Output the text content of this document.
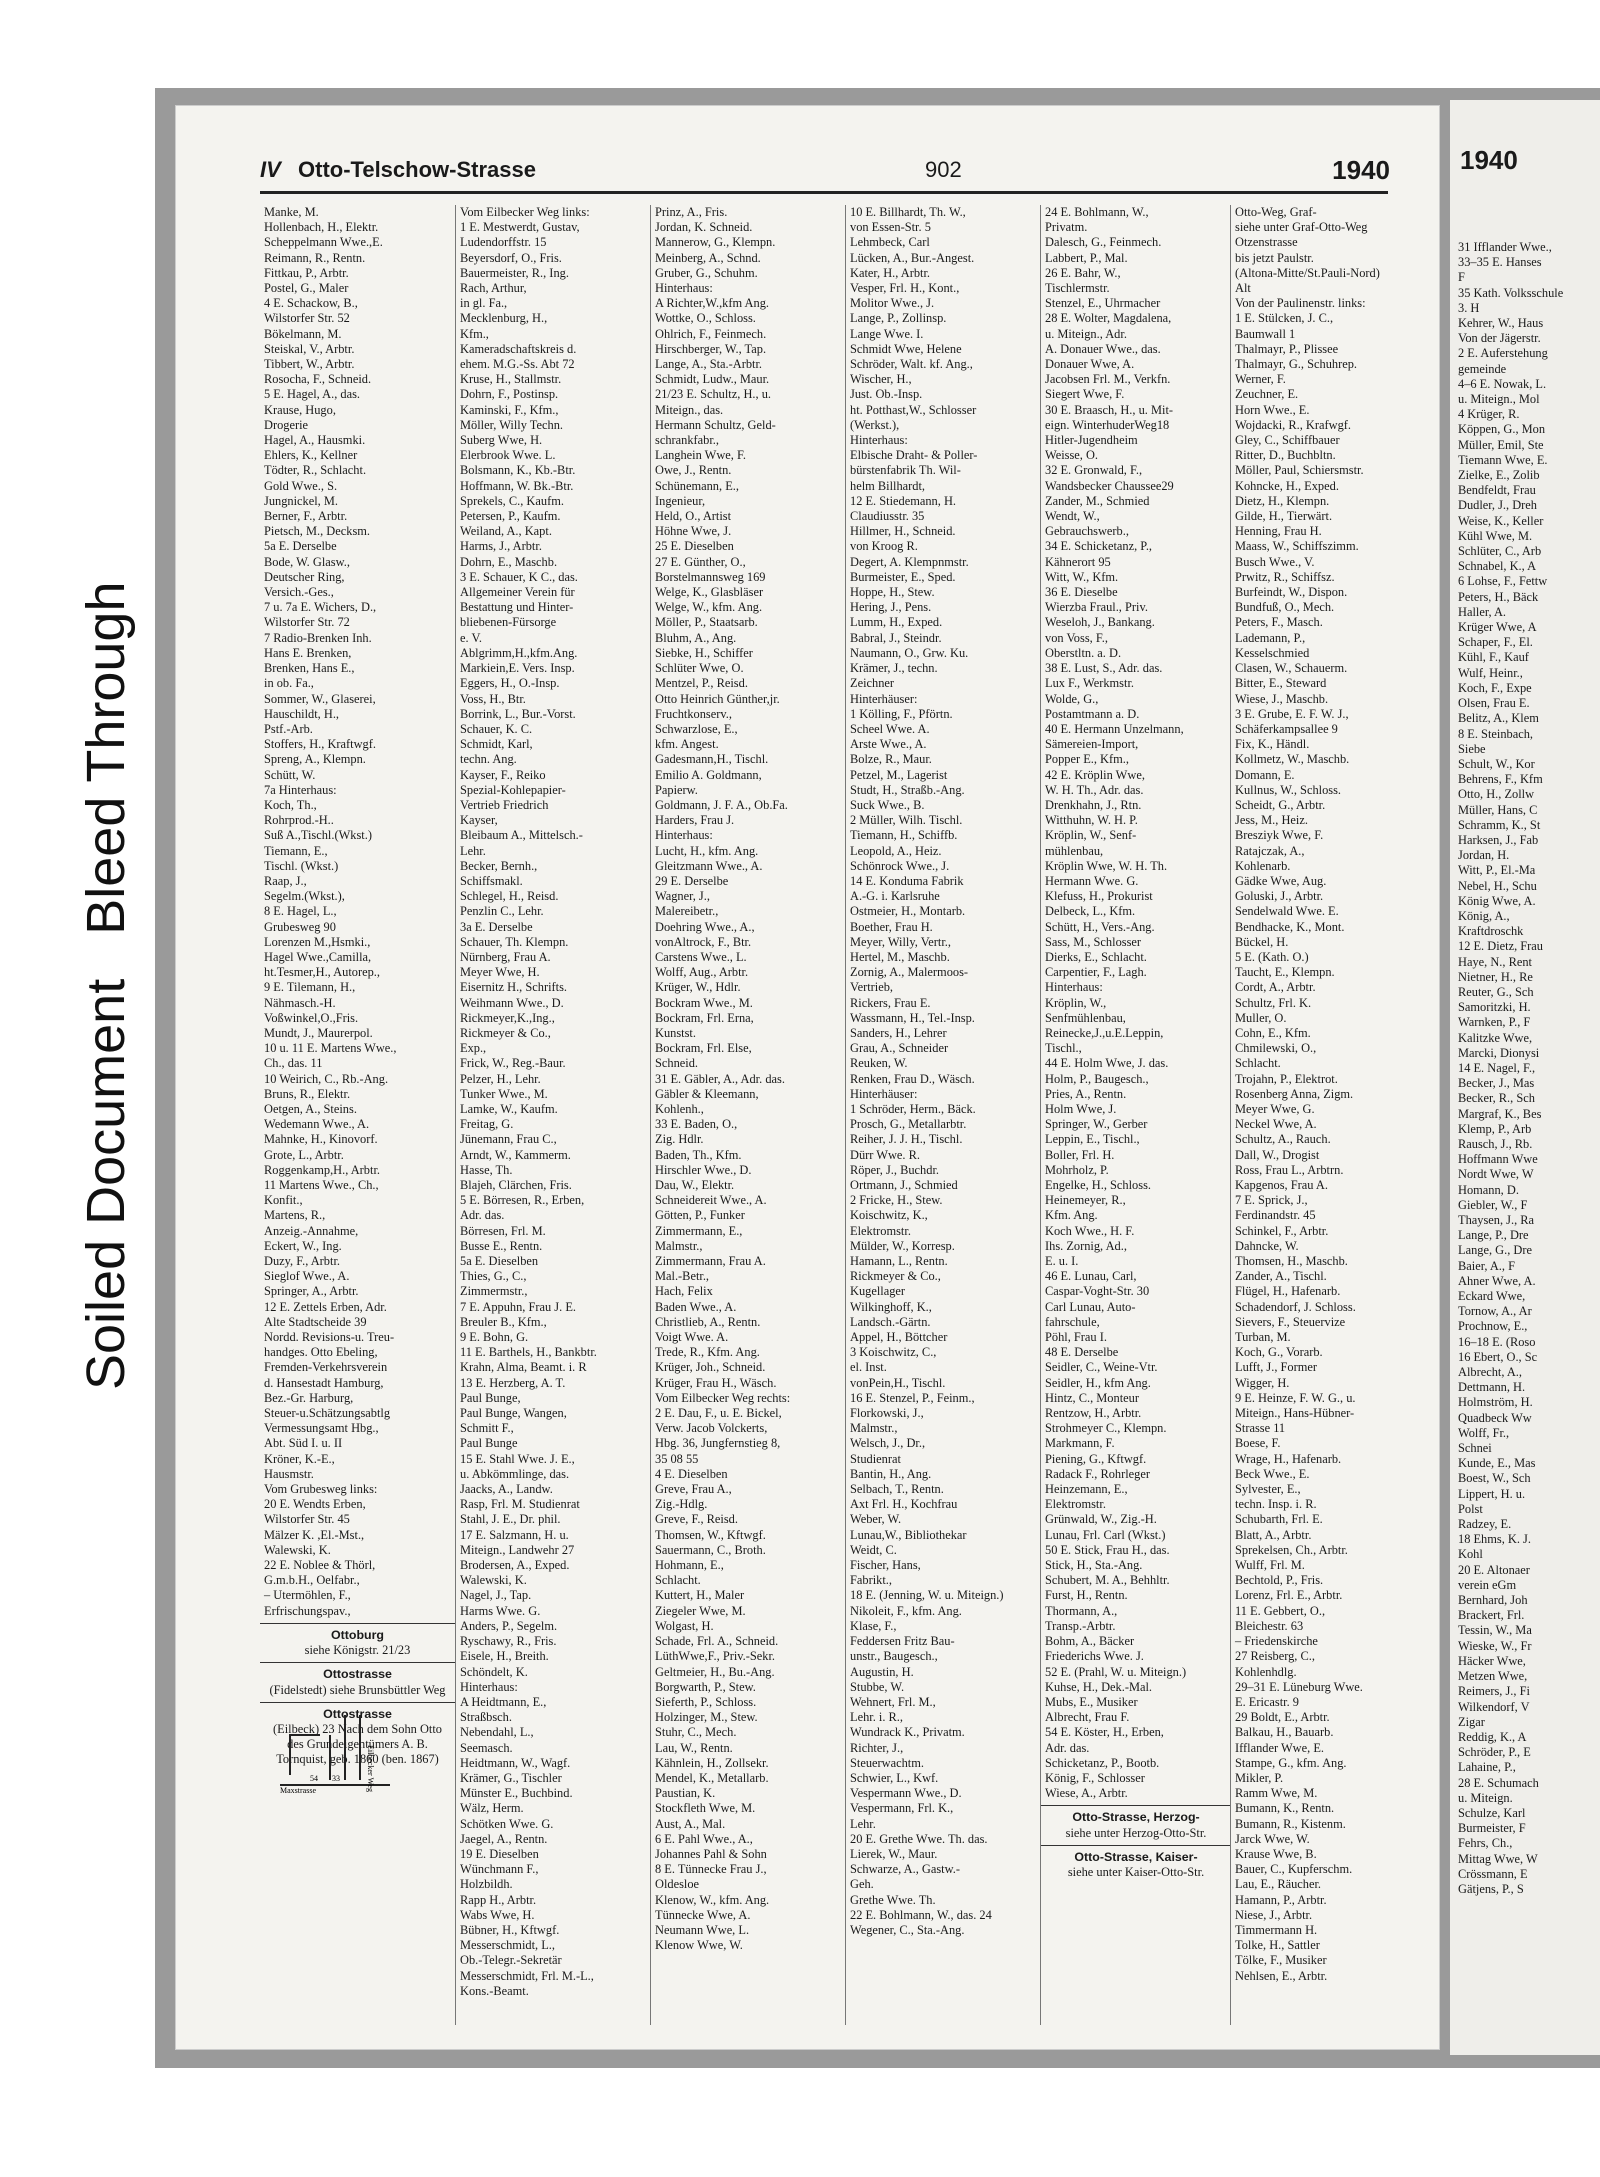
Soiled DocumentBleed Through
IV Otto-Telschow-Strasse	902	1940
Manke, M.
Hollenbach, H., Elektr.
Scheppelmann Wwe.,E.
Reimann, R., Rentn.
Fittkau, P., Arbtr.
Postel, G., Maler
4 E. Schackow, B.,
Wilstorfer Str. 52
Bökelmann, M.
Steiskal, V., Arbtr.
Tibbert, W., Arbtr.
Rosocha, F., Schneid.
5 E. Hagel, A., das.
Krause, Hugo,
Drogerie
Hagel, A., Hausmki.
Ehlers, K., Kellner
Tödter, R., Schlacht.
Gold Wwe., S.
Jungnickel, M.
Berner, F., Arbtr.
Pietsch, M., Decksm.
5a E. Derselbe
Bode, W. Glasw.,
Deutscher Ring,
Versich.-Ges.,
7 u. 7a E. Wichers, D.,
Wilstorfer Str. 72
7 Radio-Brenken Inh.
Hans E. Brenken,
Brenken, Hans E.,
in ob. Fa.,
Sommer, W., Glaserei,
Hauschildt, H.,
Pstf.-Arb.
Stoffers, H., Kraftwgf.
Spreng, A., Klempn.
Schütt, W.
7a Hinterhaus:
Koch, Th.,
Rohrprod.-H..
Suß A.,Tischl.(Wkst.)
Tiemann, E.,
Tischl. (Wkst.)
Raap, J.,
Segelm.(Wkst.),
8 E. Hagel, L.,
Grubesweg 90
Lorenzen M.,Hsmki.,
Hagel Wwe.,Camilla,
ht.Tesmer,H., Autorep.,
9 E. Tilemann, H.,
Nähmasch.-H.
Voßwinkel,O.,Fris.
Mundt, J., Maurerpol.
10 u. 11 E. Martens Wwe.,
Ch., das. 11
10 Weirich, C., Rb.-Ang.
Bruns, R., Elektr.
Oetgen, A., Steins.
Wedemann Wwe., A.
Mahnke, H., Kinovorf.
Grote, L., Arbtr.
Roggenkamp,H., Arbtr.
11 Martens Wwe., Ch.,
Konfit.,
Martens, R.,
Anzeig.-Annahme,
Eckert, W., Ing.
Duzy, F., Arbtr.
Sieglof Wwe., A.
Springer, A., Arbtr.
12 E. Zettels Erben, Adr.
Alte Stadtscheide 39
Nordd. Revisions-u. Treu-
handges. Otto Ebeling,
Fremden-Verkehrsverein
d. Hansestadt Hamburg,
Bez.-Gr. Harburg,
Steuer-u.Schätzungsabtlg
Vermessungsamt Hbg.,
Abt. Süd I. u. II
Kröner, K.-E.,
Hausmstr.
Vom Grubesweg links:
20 E. Wendts Erben,
Wilstorfer Str. 45
Mälzer K. ,El.-Mst.,
Walewski, K.
22 E. Noblee & Thörl,
G.m.b.H., Oelfabr.,
– Utermöhlen, F.,
Erfrischungspav.,
Ottoburg
siehe Königstr. 21/23
Ottostrasse
(Fidelstedt) siehe Brunsbüttler Weg
Ottostrasse
(Eilbeck) 23 Nach dem Sohn Otto des Grundeigentümers A. B. Tornquist, geb. 1860 (ben. 1867)
Vom Eilbecker Weg links:
1 E. Mestwerdt, Gustav,
Ludendorffstr. 15
Beyersdorf, O., Fris.
Bauermeister, R., Ing.
Rach, Arthur,
in gl. Fa.,
Mecklenburg, H.,
Kfm.,
Kameradschaftskreis d.
ehem. M.G.-Ss. Abt 72
Kruse, H., Stallmstr.
Dohrn, F., Postinsp.
Kaminski, F., Kfm.,
Möller, Willy Techn.
Suberg Wwe, H.
Elerbrook Wwe. L.
Bolsmann, K., Kb.-Btr.
Hoffmann, W. Bk.-Btr.
Sprekels, C., Kaufm.
Petersen, P., Kaufm.
Weiland, A., Kapt.
Harms, J., Arbtr.
Dohrn, E., Maschb.
3 E. Schauer, K C., das.
Allgemeiner Verein für
Bestattung und Hinter-
bliebenen-Fürsorge
e. V.
Ablgrimm,H.,kfm.Ang.
Markiein,E. Vers. Insp.
Eggers, H., O.-Insp.
Voss, H., Btr.
Borrink, L., Bur.-Vorst.
Schauer, K. C.
Schmidt, Karl,
techn. Ang.
Kayser, F., Reiko
Spezial-Kohlepapier-
Vertrieb Friedrich
Kayser,
Bleibaum A., Mittelsch.-
Lehr.
Becker, Bernh.,
Schiffsmakl.
Schlegel, H., Reisd.
Penzlin C., Lehr.
3a E. Derselbe
Schauer, Th. Klempn.
Nürnberg, Frau A.
Meyer Wwe, H.
Eisernitz H., Schrifts.
Weihmann Wwe., D.
Rickmeyer,K.,Ing.,
Rickmeyer & Co.,
Exp.,
Frick, W., Reg.-Baur.
Pelzer, H., Lehr.
Tunker Wwe., M.
Lamke, W., Kaufm.
Freitag, G.
Jünemann, Frau C.,
Arndt, W., Kammerm.
Hasse, Th.
Blajeh, Clärchen, Fris.
5 E. Börresen, R., Erben,
Adr. das.
Börresen, Frl. M.
Busse E., Rentn.
5a E. Dieselben
Thies, G., C.,
Zimmermstr.,
7 E. Appuhn, Frau J. E.
Breuler B., Kfm.,
9 E. Bohn, G.
11 E. Barthels, H., Bankbtr.
Krahn, Alma, Beamt. i. R
13 E. Herzberg, A. T.
Paul Bunge,
Paul Bunge, Wangen,
Schmitt F.,
Paul Bunge
15 E. Stahl Wwe. J. E.,
u. Abkömmlinge, das.
Jaacks, A., Landw.
Rasp, Frl. M. Studienrat
Stahl, J. E., Dr. phil.
17 E. Salzmann, H. u.
Miteign., Landwehr 27
Brodersen, A., Exped.
Walewski, K.
Nagel, J., Tap.
Harms Wwe. G.
Anders, P., Segelm.
Ryschawy, R., Fris.
Eisele, H., Breith.
Schöndelt, K.
Hinterhaus:
A Heidtmann, E.,
Straßbsch.
Nebendahl, L.,
Seemasch.
Heidtmann, W., Wagf.
Krämer, G., Tischler
Münster E., Buchbind.
Wälz, Herm.
Schötken Wwe. G.
Jaegel, A., Rentn.
19 E. Dieselben
Wünchmann F.,
Holzbildh.
Rapp H., Arbtr.
Wabs Wwe, H.
Bübner, H., Kftwgf.
Messerschmidt, L.,
Ob.-Telegr.-Sekretär
Messerschmidt, Frl. M.-L.,
Kons.-Beamt.
Prinz, A., Fris.
Jordan, K. Schneid.
Mannerow, G., Klempn.
Meinberg, A., Schnd.
Gruber, G., Schuhm.
Hinterhaus:
A Richter,W.,kfm Ang.
Wottke, O., Schloss.
Ohlrich, F., Feinmech.
Hirschberger, W., Tap.
Lange, A., Sta.-Arbtr.
Schmidt, Ludw., Maur.
21/23 E. Schultz, H., u.
Miteign., das.
Hermann Schultz, Geld-
schrankfabr.,
Langhein Wwe, F.
Owe, J., Rentn.
Schünemann, E.,
Ingenieur,
Held, O., Artist
Höhne Wwe, J.
25 E. Dieselben
27 E. Günther, O.,
Borstelmannsweg 169
Welge, K., Glasbläser
Welge, W., kfm. Ang.
Möller, P., Staatsarb.
Bluhm, A., Ang.
Siebke, H., Schiffer
Schlüter Wwe, O.
Mentzel, P., Reisd.
Otto Heinrich Günther,jr.
Fruchtkonserv.,
Schwarzlose, E.,
kfm. Angest.
Gadesmann,H., Tischl.
Emilio A. Goldmann,
Papierw.
Goldmann, J. F. A., Ob.Fa.
Harders, Frau J.
Hinterhaus:
Lucht, H., kfm. Ang.
Gleitzmann Wwe., A.
29 E. Derselbe
Wagner, J.,
Malereibetr.,
Doehring Wwe., A.,
vonAltrock, F., Btr.
Carstens Wwe., L.
Wolff, Aug., Arbtr.
Krüger, W., Hdlr.
Bockram Wwe., M.
Bockram, Frl. Erna,
Kunstst.
Bockram, Frl. Else,
Schneid.
31 E. Gäbler, A., Adr. das.
Gäbler & Kleemann,
Kohlenh.,
33 E. Baden, O.,
Zig. Hdlr.
Baden, Th., Kfm.
Hirschler Wwe., D.
Dau, W., Elektr.
Schneidereit Wwe., A.
Götten, P., Funker
Zimmermann, E.,
Malmstr.,
Zimmermann, Frau A.
Mal.-Betr.,
Hach, Felix
Baden Wwe., A.
Christlieb, A., Rentn.
Voigt Wwe. A.
Trede, R., Kfm. Ang.
Krüger, Joh., Schneid.
Krüger, Frau H., Wäsch.
Vom Eilbecker Weg rechts:
2 E. Dau, F., u. E. Bickel,
Verw. Jacob Volckerts,
Hbg. 36, Jungfernstieg 8,
35 08 55
4 E. Dieselben
Greve, Frau A.,
Zig.-Hdlg.
Greve, F., Reisd.
Thomsen, W., Kftwgf.
Sauermann, C., Broth.
Hohmann, E.,
Schlacht.
Kuttert, H., Maler
Ziegeler Wwe, M.
Wolgast, H.
Schade, Frl. A., Schneid.
LüthWwe,F., Priv.-Sekr.
Geltmeier, H., Bu.-Ang.
Borgwarth, P., Stew.
Sieferth, P., Schloss.
Holzinger, M., Stew.
Stuhr, C., Mech.
Lau, W., Rentn.
Kähnlein, H., Zollsekr.
Mendel, K., Metallarb.
Paustian, K.
Stockfleth Wwe, M.
Aust, A., Mal.
6 E. Pahl Wwe., A.,
Johannes Pahl & Sohn
8 E. Tünnecke Frau J.,
Oldesloe
Klenow, W., kfm. Ang.
Tünnecke Wwe, A.
Neumann Wwe, L.
Klenow Wwe, W.
10 E. Billhardt, Th. W.,
von Essen-Str. 5
Lehmbeck, Carl
Lücken, A., Bur.-Angest.
Kater, H., Arbtr.
Vesper, Frl. H., Kont.,
Molitor Wwe., J.
Lange, P., Zollinsp.
Lange Wwe. I.
Schmidt Wwe, Helene
Schröder, Walt. kf. Ang.,
Wischer, H.,
Just. Ob.-Insp.
ht. Potthast,W., Schlosser
(Werkst.),
Hinterhaus:
Elbische Draht- & Poller-
bürstenfabrik Th. Wil-
helm Billhardt,
12 E. Stiedemann, H.
Claudiusstr. 35
Hillmer, H., Schneid.
von Kroog R.
Degert, A. Klempnmstr.
Burmeister, E., Sped.
Hoppe, H., Stew.
Hering, J., Pens.
Lumm, H., Exped.
Babral, J., Steindr.
Naumann, O., Grw. Ku.
Krämer, J., techn.
Zeichner
Hinterhäuser:
1 Kölling, F., Pförtn.
Scheel Wwe. A.
Arste Wwe., A.
Bolze, R., Maur.
Petzel, M., Lagerist
Studt, H., Straßb.-Ang.
Suck Wwe., B.
2 Müller, Wilh. Tischl.
Tiemann, H., Schiffb.
Leopold, A., Heiz.
Schönrock Wwe., J.
14 E. Konduma Fabrik
A.-G. i. Karlsruhe
Ostmeier, H., Montarb.
Boether, Frau H.
Meyer, Willy, Vertr.,
Hertel, M., Maschb.
Zornig, A., Malermoos-
Vertrieb,
Rickers, Frau E.
Wassmann, H., Tel.-Insp.
Sanders, H., Lehrer
Grau, A., Schneider
Reuken, W.
Renken, Frau D., Wäsch.
Hinterhäuser:
1 Schröder, Herm., Bäck.
Prosch, G., Metallarbtr.
Reiher, J. J. H., Tischl.
Dürr Wwe. R.
Röper, J., Buchdr.
Ortmann, J., Schmied
2 Fricke, H., Stew.
Koischwitz, K.,
Elektromstr.
Mülder, W., Korresp.
Hamann, L., Rentn.
Rickmeyer & Co.,
Kugellager
Wilkinghoff, K.,
Landsch.-Gärtn.
Appel, H., Böttcher
3 Koischwitz, C.,
el. Inst.
vonPein,H., Tischl.
16 E. Stenzel, P., Feinm.,
Florkowski, J.,
Malmstr.,
Welsch, J., Dr.,
Studienrat
Bantin, H., Ang.
Selbach, T., Rentn.
Axt Frl. H., Kochfrau
Weber, W.
Lunau,W., Bibliothekar
Weidt, C.
Fischer, Hans,
Fabrikt.,
18 E. (Jenning, W. u. Miteign.)
Nikoleit, F., kfm. Ang.
Klase, F.,
Feddersen Fritz Bau-
unstr., Baugesch.,
Augustin, H.
Stubbe, W.
Wehnert, Frl. M.,
Lehr. i. R.,
Wundrack K., Privatm.
Richter, J.,
Steuerwachtm.
Schwier, L., Kwf.
Vespermann Wwe., D.
Vespermann, Frl. K.,
Lehr.
20 E. Grethe Wwe. Th. das.
Lierek, W., Maur.
Schwarze, A., Gastw.-
Geh.
Grethe Wwe. Th.
22 E. Bohlmann, W., das. 24
Wegener, C., Sta.-Ang.
24 E. Bohlmann, W.,
Privatm.
Dalesch, G., Feinmech.
Labbert, P., Mal.
26 E. Bahr, W.,
Tischlermstr.
Stenzel, E., Uhrmacher
28 E. Wolter, Magdalena,
u. Miteign., Adr.
A. Donauer Wwe., das.
Donauer Wwe, A.
Jacobsen Frl. M., Verkfn.
Siegert Wwe, F.
30 E. Braasch, H., u. Mit-
eign. WinterhuderWeg18
Hitler-Jugendheim
Weisse, O.
32 E. Gronwald, F.,
Wandsbecker Chaussee29
Zander, M., Schmied
Wendt, W.,
Gebrauchswerb.,
34 E. Schicketanz, P.,
Kähnerort 95
Witt, W., Kfm.
36 E. Dieselbe
Wierzba Fraul., Priv.
Weseloh, J., Bankang.
von Voss, F.,
Oberstltn. a. D.
38 E. Lust, S., Adr. das.
Lux F., Werkmstr.
Wolde, G.,
Postamtmann a. D.
40 E. Hermann Unzelmann,
Sämereien-Import,
Popper E., Kfm.,
42 E. Kröplin Wwe,
W. H. Th., Adr. das.
Drenkhahn, J., Rtn.
Witthuhn, W. H. P.
Kröplin, W., Senf-
mühlenbau,
Kröplin Wwe, W. H. Th.
Hermann Wwe. G.
Klefuss, H., Prokurist
Delbeck, L., Kfm.
Schütt, H., Vers.-Ang.
Sass, M., Schlosser
Dierks, E., Schlacht.
Carpentier, F., Lagh.
Hinterhaus:
Kröplin, W.,
Senfmühlenbau,
Reinecke,J.,u.E.Leppin,
Tischl.,
44 E. Holm Wwe, J. das.
Holm, P., Baugesch.,
Pries, A., Rentn.
Holm Wwe, J.
Springer, W., Gerber
Leppin, E., Tischl.,
Boller, Frl. H.
Mohrholz, P.
Engelke, H., Schloss.
Heinemeyer, R.,
Kfm. Ang.
Koch Wwe., H. F.
Ihs. Zornig, Ad.,
E. u. I.
46 E. Lunau, Carl,
Caspar-Voght-Str. 30
Carl Lunau, Auto-
fahrschule,
Pöhl, Frau I.
48 E. Derselbe
Seidler, C., Weine-Vtr.
Seidler, H., kfm Ang.
Hintz, C., Monteur
Rentzow, H., Arbtr.
Strohmeyer C., Klempn.
Markmann, F.
Piening, G., Kftwgf.
Radack F., Rohrleger
Heinzemann, E.,
Elektromstr.
Grünwald, W., Zig.-H.
Lunau, Frl. Carl (Wkst.)
50 E. Stick, Frau H., das.
Stick, H., Sta.-Ang.
Schubert, M. A., Behhltr.
Furst, H., Rentn.
Thormann, A.,
Transp.-Arbtr.
Bohm, A., Bäcker
Friederichs Wwe. J.
52 E. (Prahl, W. u. Miteign.)
Kuhse, H., Dek.-Mal.
Mubs, E., Musiker
Albrecht, Frau F.
54 E. Köster, H., Erben,
Adr. das.
Schicketanz, P., Bootb.
König, F., Schlosser
Wiese, A., Arbtr.
Otto-Strasse, Herzog-
siehe unter Herzog-Otto-Str.
Otto-Strasse, Kaiser-
siehe unter Kaiser-Otto-Str.
Otto-Weg, Graf-
siehe unter Graf-Otto-Weg
Otzenstrasse
bis jetzt Paulstr.
(Altona-Mitte/St.Pauli-Nord)
Alt
Von der Paulinenstr. links:
1 E. Stülcken, J. C.,
Baumwall 1
Thalmayr, P., Plissee
Thalmayr, G., Schuhrep.
Werner, F.
Zeuchner, E.
Horn Wwe., E.
Wojdacki, R., Krafwgf.
Gley, C., Schiffbauer
Ritter, D., Buchbltn.
Möller, Paul, Schiersmstr.
Kohncke, H., Exped.
Dietz, H., Klempn.
Gilde, H., Tierwärt.
Henning, Frau H.
Maass, W., Schiffszimm.
Busch Wwe., V.
Prwitz, R., Schiffsz.
Burfeindt, W., Dispon.
Bundfuß, O., Mech.
Peters, F., Masch.
Lademann, P.,
Kesselschmied
Clasen, W., Schauerm.
Bitter, E., Steward
Wiese, J., Maschb.
3 E. Grube, E. F. W. J.,
Schäferkampsallee 9
Fix, K., Händl.
Kollmetz, W., Maschb.
Domann, E.
Kullnus, W., Schloss.
Scheidt, G., Arbtr.
Jess, M., Heiz.
Bresziyk Wwe, F.
Ratajczak, A.,
Kohlenarb.
Gädke Wwe, Aug.
Goluski, J., Arbtr.
Sendelwald Wwe. E.
Bendhacke, K., Mont.
Bückel, H.
5 E. (Kath. O.)
Taucht, E., Klempn.
Cordt, A., Arbtr.
Schultz, Frl. K.
Muller, O.
Cohn, E., Kfm.
Chmilewski, O.,
Schlacht.
Trojahn, P., Elektrot.
Rosenberg Anna, Zigm.
Meyer Wwe, G.
Neckel Wwe, A.
Schultz, A., Rauch.
Dall, W., Drogist
Ross, Frau L., Arbtrn.
Kapgenos, Frau A.
7 E. Sprick, J.,
Ferdinandstr. 45
Schinkel, F., Arbtr.
Dahncke, W.
Thomsen, H., Maschb.
Zander, A., Tischl.
Flügel, H., Hafenarb.
Schadendorf, J. Schloss.
Sievers, F., Steuervize
Turban, M.
Koch, G., Vorarb.
Lufft, J., Former
Wigger, H.
9 E. Heinze, F. W. G., u.
Miteign., Hans-Hübner-
Strasse 11
Boese, F.
Wrage, H., Hafenarb.
Beck Wwe., E.
Sylvester, E.,
techn. Insp. i. R.
Schubarth, Frl. E.
Blatt, A., Arbtr.
Sprekelsen, Ch., Arbtr.
Wulff, Frl. M.
Bechtold, P., Fris.
Lorenz, Frl. E., Arbtr.
11 E. Gebbert, O.,
Bleichestr. 63
– Friedenskirche
27 Reisberg, C.,
Kohlenhdlg.
29–31 E. Lüneburg Wwe.
E. Ericastr. 9
29 Boldt, E., Arbtr.
Balkau, H., Bauarb.
Ifflander Wwe, E.
Stampe, G., kfm. Ang.
Mikler, P.
Ramm Wwe, M.
Bumann, K., Rentn.
Bumann, R., Kistenm.
Jarck Wwe, W.
Krause Wwe, B.
Bauer, C., Kupferschm.
Lau, E., Räucher.
Hamann, P., Arbtr.
Niese, J., Arbtr.
Timmermann H.
Tolke, H., Sattler
Tölke, F., Musiker
Nehlsen, E., Arbtr.
Eilbecker Weg
Maxstrasse
54 33
1940
31 Ifflander Wwe.,
33–35 E. Hanses
F
35 Kath. Volksschule
3. H
Kehrer, W., Haus
Von der Jägerstr.
2 E. Auferstehung
gemeinde
4–6 E. Nowak, L.
u. Miteign., Mol
4 Krüger, R.
Köppen, G., Mon
Müller, Emil, Ste
Tiemann Wwe, E.
Zielke, E., Zolib
Bendfeldt, Frau
Dudler, J., Dreh
Weise, K., Keller
Kühl Wwe, M.
Schlüter, C., Arb
Schnabel, K., A
6 Lohse, F., Fettw
Peters, H., Bäck
Haller, A.
Krüger Wwe, A
Schaper, F., El.
Kühl, F., Kauf
Wulf, Heinr.,
Koch, F., Expe
Olsen, Frau E.
Belitz, A., Klem
8 E. Steinbach,
Siebe
Schult, W., Kor
Behrens, F., Kfm
Otto, H., Zollw
Müller, Hans, C
Schramm, K., St
Harksen, J., Fab
Jordan, H.
Witt, P., El.-Ma
Nebel, H., Schu
König Wwe, A.
König, A.,
Kraftdroschk
12 E. Dietz, Frau
Haye, N., Rent
Nietner, H., Re
Reuter, G., Sch
Samoritzki, H.
Warnken, P., F
Kalitzke Wwe,
Marcki, Dionysi
14 E. Nagel, F.,
Becker, J., Mas
Becker, R., Sch
Margraf, K., Bes
Klemp, P., Arb
Rausch, J., Rb.
Hoffmann Wwe
Nordt Wwe, W
Homann, D.
Giebler, W., F
Thaysen, J., Ra
Lange, P., Dre
Lange, G., Dre
Baier, A., F
Ahner Wwe, A.
Eckard Wwe,
Tornow, A., Ar
Prochnow, E.,
16–18 E. (Roso
16 Ebert, O., Sc
Albrecht, A.,
Dettmann, H.
Holmström, H.
Quadbeck Ww
Wolff, Fr.,
Schnei
Kunde, E., Mas
Boest, W., Sch
Lippert, H. u.
Polst
Radzey, E.
18 Ehms, K. J.
Kohl
20 E. Altonaer
verein eGm
Bernhard, Joh
Brackert, Frl.
Tessin, W., Ma
Wieske, W., Fr
Häcker Wwe,
Metzen Wwe,
Reimers, J., Fi
Wilkendorf, V
Zigar
Reddig, K., A
Schröder, P., E
Lahaine, P.,
28 E. Schumach
u. Miteign.
Schulze, Karl
Burmeister, F
Fehrs, Ch.,
Mittag Wwe, W
Crössmann, E
Gätjens, P., S
